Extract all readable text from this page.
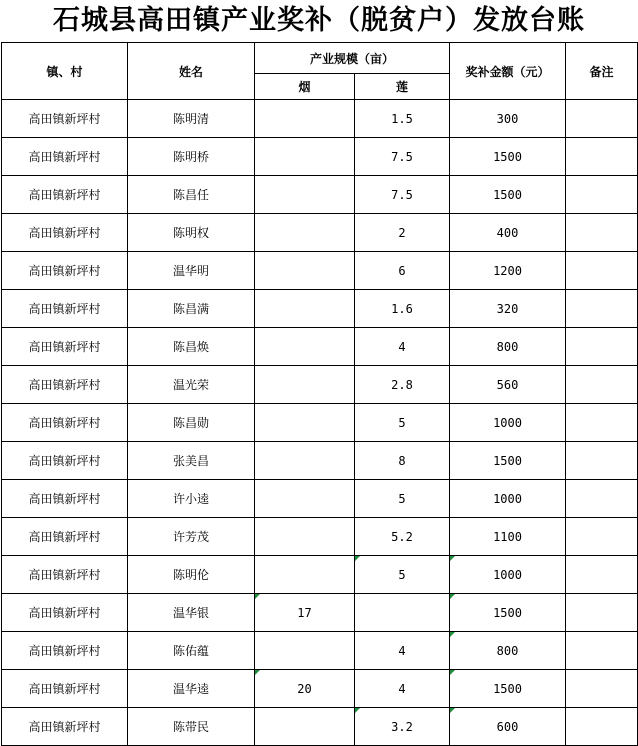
石城县高田镇产业奖补（脱贫户）发放台账
镇、村	姓名	产业规模（亩）		奖补金额（元）	备注
		烟	莲		
高田镇新坪村	陈明清		1.5	300	
高田镇新坪村	陈明桥		7.5	1500	
高田镇新坪村	陈昌任		7.5	1500	
高田镇新坪村	陈明权		2	400	
高田镇新坪村	温华明		6	1200	
高田镇新坪村	陈昌满		1.6	320	
高田镇新坪村	陈昌焕		4	800	
高田镇新坪村	温光荣		2.8	560	
高田镇新坪村	陈昌勋		5	1000	
高田镇新坪村	张美昌		8	1500	
高田镇新坪村	许小逵		5	1000	
高田镇新坪村	许芳茂		5.2	1100	
高田镇新坪村	陈明伦		5	1000	
高田镇新坪村	温华银	17		1500	
高田镇新坪村	陈佑蕴		4	800	
高田镇新坪村	温华逵	20	4	1500	
高田镇新坪村	陈带民		3.2	600	
